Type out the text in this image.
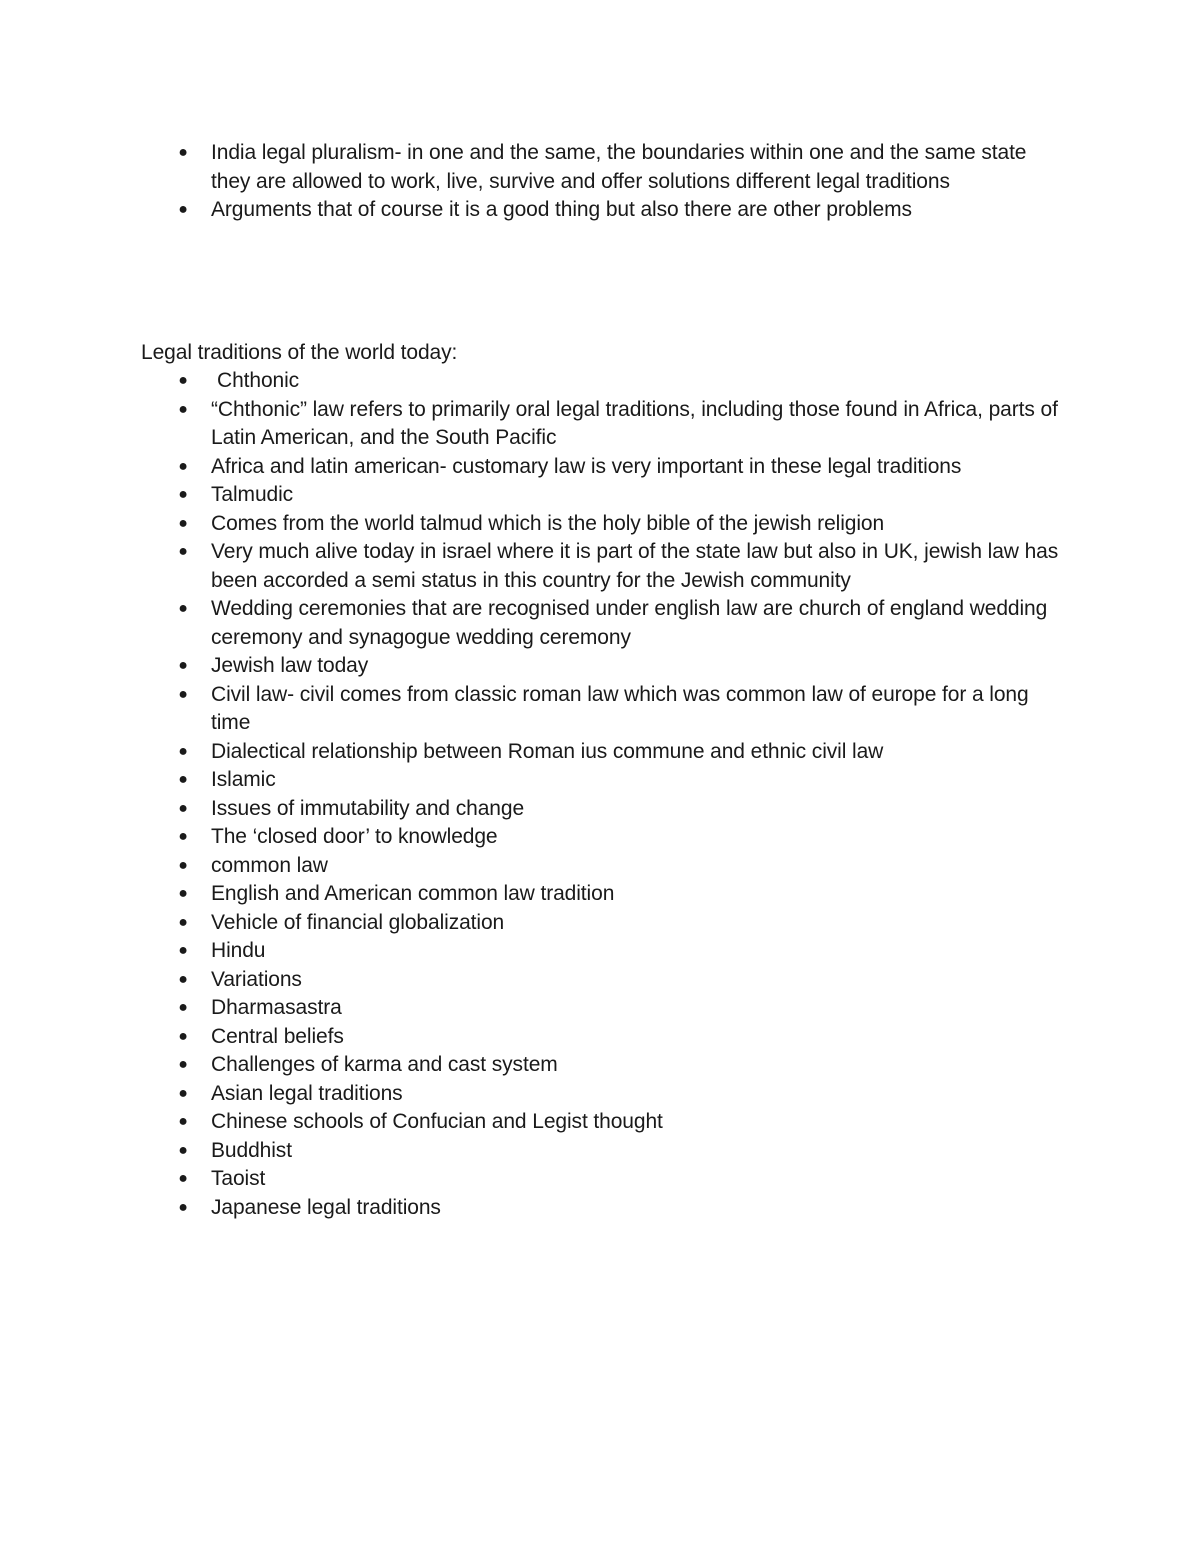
● India legal pluralism- in one and the same, the boundaries within one and the same state they are allowed to work, live, survive and offer solutions different legal traditions
● Arguments that of course it is a good thing but also there are other problems
Legal traditions of the world today:
● Chthonic
● “Chthonic” law refers to primarily oral legal traditions, including those found in Africa, parts of Latin American, and the South Pacific
● Africa and latin american- customary law is very important in these legal traditions
● Talmudic
● Comes from the world talmud which is the holy bible of the jewish religion
● Very much alive today in israel where it is part of the state law but also in UK, jewish law has been accorded a semi status in this country for the Jewish community
● Wedding ceremonies that are recognised under english law are church of england wedding ceremony and synagogue wedding ceremony
● Jewish law today
● Civil law- civil comes from classic roman law which was common law of europe for a long time
● Dialectical relationship between Roman ius commune and ethnic civil law
● Islamic
● Issues of immutability and change
● The ‘closed door’ to knowledge
● common law
● English and American common law tradition
● Vehicle of financial globalization
● Hindu
● Variations
● Dharmasastra
● Central beliefs
● Challenges of karma and cast system
● Asian legal traditions
● Chinese schools of Confucian and Legist thought
● Buddhist
● Taoist
● Japanese legal traditions
